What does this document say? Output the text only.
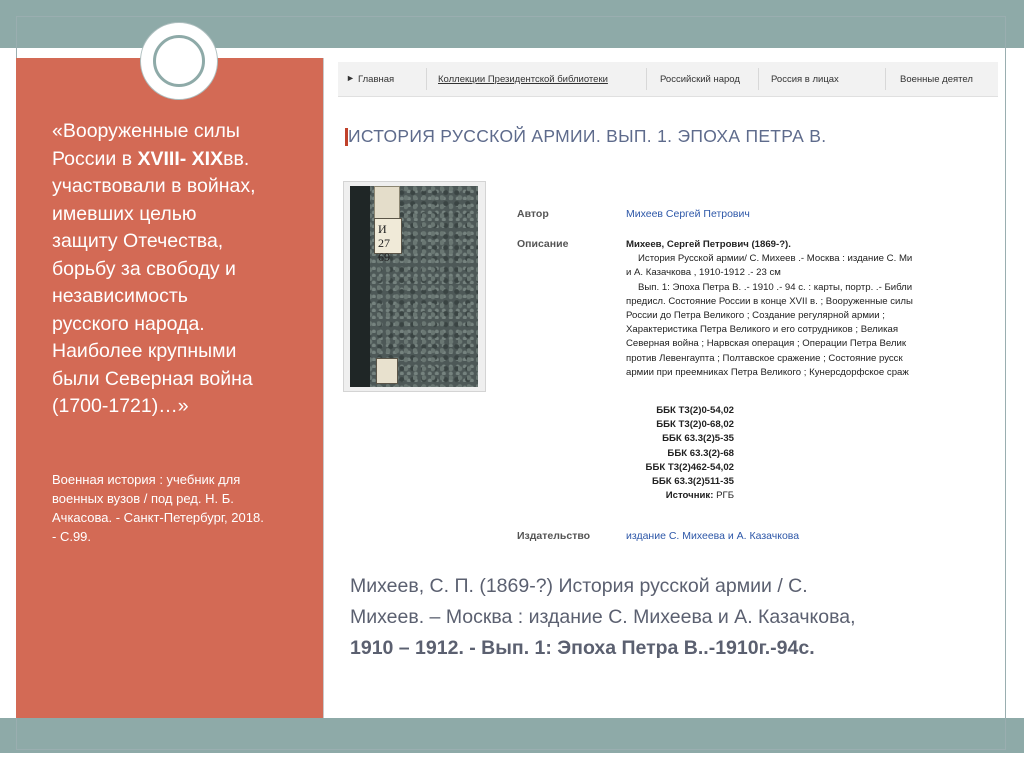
«Вооруженные силы
России в XVIII- XIXвв.
участвовали в войнах,
имевших целью
защиту Отечества,
борьбу за свободу и
независимость
русского народа.
Наиболее крупными
были Северная война
(1700-1721)…»

Военная история : учебник для
военных вузов / под ред. Н. Б.
Ачкасова. - Санкт-Петербург, 2018.
- С.99.

► Главная	Коллекции Президентской библиотеки	Российский народ	Россия в лицах	Военные деятел
ИСТОРИЯ РУССКОЙ АРМИИ. ВЫП. 1. ЭПОХА ПЕТРА В.
И 27 69
Автор	Михеев Сергей Петрович
Описание	Михеев, Сергей Петрович (1869-?).
История Русской армии/ С. Михеев .- Москва : издание С. Ми
и А. Казачкова , 1910-1912 .- 23 см
Вып. 1: Эпоха Петра В. .- 1910 .- 94 с. : карты, портр. .- Библи
предисл. Состояние России в конце XVII в. ; Вооруженные силы
России до Петра Великого ; Создание регулярной армии ;
Характеристика Петра Великого и его сотрудников ; Великая
Северная война ; Нарвская операция ; Операции Петра Велик
против Левенгаупта ; Полтавское сражение ; Состояние русск
армии при преемниках Петра Великого ; Кунерсдорфское сраж
ББК Т3(2)0-54,02
ББК Т3(2)0-68,02
ББК 63.3(2)5-35
ББК 63.3(2)-68
ББК Т3(2)462-54,02
ББК 63.3(2)511-35
Источник: РГБ
Издательство	издание С. Михеева и А. Казачкова

Михеев, С. П. (1869-?) История русской армии / С.
Михеев. – Москва : издание С. Михеева и А. Казачкова,
1910 – 1912. - Вып. 1: Эпоха Петра В..-1910г.-94с.
